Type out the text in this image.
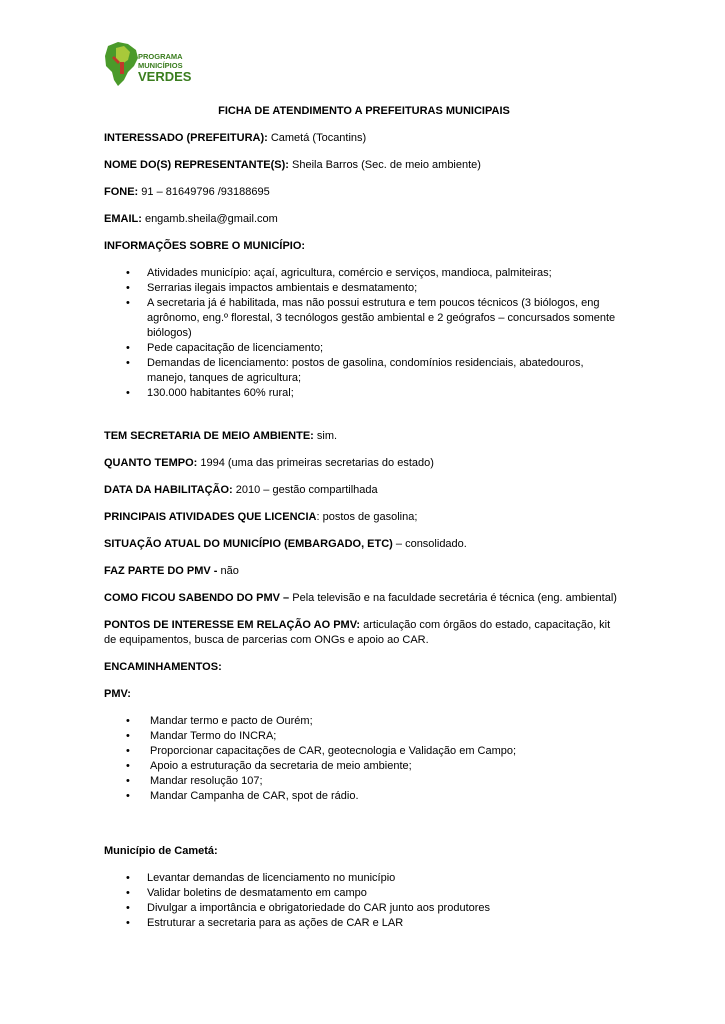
PROGRAMA
MUNICÍPIOS
VERDES
FICHA DE ATENDIMENTO A PREFEITURAS MUNICIPAIS

INTERESSADO (PREFEITURA): Cametá (Tocantins)

NOME DO(S) REPRESENTANTE(S): Sheila Barros (Sec. de meio ambiente)

FONE: 91 – 81649796 /93188695

EMAIL: engamb.sheila@gmail.com

INFORMAÇÕES SOBRE O MUNICÍPIO:

• Atividades município: açaí, agricultura, comércio e serviços, mandioca, palmiteiras;
• Serrarias ilegais impactos ambientais e desmatamento;
• A secretaria já é habilitada, mas não possui estrutura e tem poucos técnicos (3 biólogos, eng agrônomo, eng.º florestal, 3 tecnólogos gestão ambiental e 2 geógrafos – concursados somente biólogos)
• Pede capacitação de licenciamento;
• Demandas de licenciamento: postos de gasolina, condomínios residenciais, abatedouros, manejo, tanques de agricultura;
• 130.000 habitantes 60% rural;

TEM SECRETARIA DE MEIO AMBIENTE: sim.

QUANTO TEMPO: 1994 (uma das primeiras secretarias do estado)

DATA DA HABILITAÇÃO: 2010 – gestão compartilhada

PRINCIPAIS ATIVIDADES QUE LICENCIA: postos de gasolina;

SITUAÇÃO ATUAL DO MUNICÍPIO (EMBARGADO, ETC) – consolidado.

FAZ PARTE DO PMV - não

COMO FICOU SABENDO DO PMV – Pela televisão e na faculdade secretária é técnica (eng. ambiental)

PONTOS DE INTERESSE EM RELAÇÃO AO PMV: articulação com órgãos do estado, capacitação, kit de equipamentos, busca de parcerias com ONGs e apoio ao CAR.

ENCAMINHAMENTOS:
PMV:
• Mandar termo e pacto de Ourém;
• Mandar Termo do INCRA;
• Proporcionar capacitações de CAR, geotecnologia e Validação em Campo;
• Apoio a estruturação da secretaria de meio ambiente;
• Mandar resolução 107;
• Mandar Campanha de CAR, spot de rádio.
Município de Cametá:
• Levantar demandas de licenciamento no município
• Validar boletins de desmatamento em campo
• Divulgar a importância e obrigatoriedade do CAR junto aos produtores
• Estruturar a secretaria para as ações de CAR e LAR
